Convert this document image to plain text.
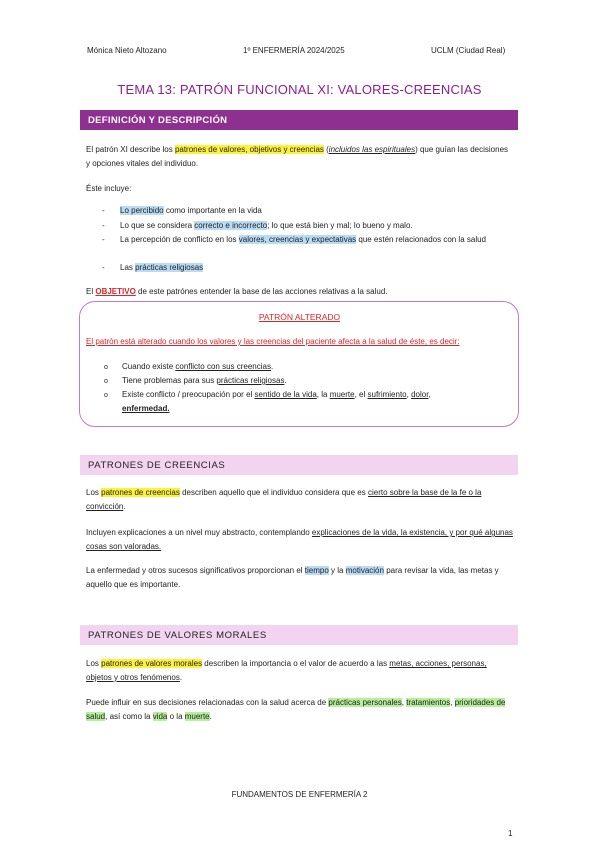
Mónica Nieto Altozano	1º ENFERMERÍA 2024/2025	UCLM (Ciudad Real)
TEMA 13: PATRÓN FUNCIONAL XI: VALORES-CREENCIAS
DEFINICIÓN Y DESCRIPCIÓN
El patrón XI describe los patrones de valores, objetivos y creencias (incluidos las espirituales) que guían las decisiones y opciones vitales del individuo.
Éste incluye:
- Lo percibido como importante en la vida
- Lo que se considera correcto e incorrecto; lo que está bien y mal; lo bueno y malo.
- La percepción de conflicto en los valores, creencias y expectativas que estén relacionados con la salud
- Las prácticas religiosas
El OBJETIVO de este patrónes entender la base de las acciones relativas a la salud.
PATRÓN ALTERADO
El patrón está alterado cuando los valores y las creencias del paciente afecta a la salud de éste, es decir:
o Cuando existe conflicto con sus creencias.
o Tiene problemas para sus prácticas religiosas.
o Existe conflicto / preocupación por el sentido de la vida, la muerte, el sufrimiento, dolor,
enfermedad.
PATRONES DE CREENCIAS
Los patrones de creencias describen aquello que el individuo considera que es cierto sobre la base de la fe o la convicción.
Incluyen explicaciones a un nivel muy abstracto, contemplando explicaciones de la vida, la existencia, y por qué algunas cosas son valoradas.
La enfermedad y otros sucesos significativos proporcionan el tiempo y la motivación para revisar la vida, las metas y aquello que es importante.
PATRONES DE VALORES MORALES
Los patrones de valores morales describen la importancia o el valor de acuerdo a las metas, acciones, personas, objetos y otros fenómenos.
Puede influir en sus decisiones relacionadas con la salud acerca de prácticas personales, tratamientos, prioridades de salud, así como la vida o la muerte.
FUNDAMENTOS DE ENFERMERÍA 2
1
